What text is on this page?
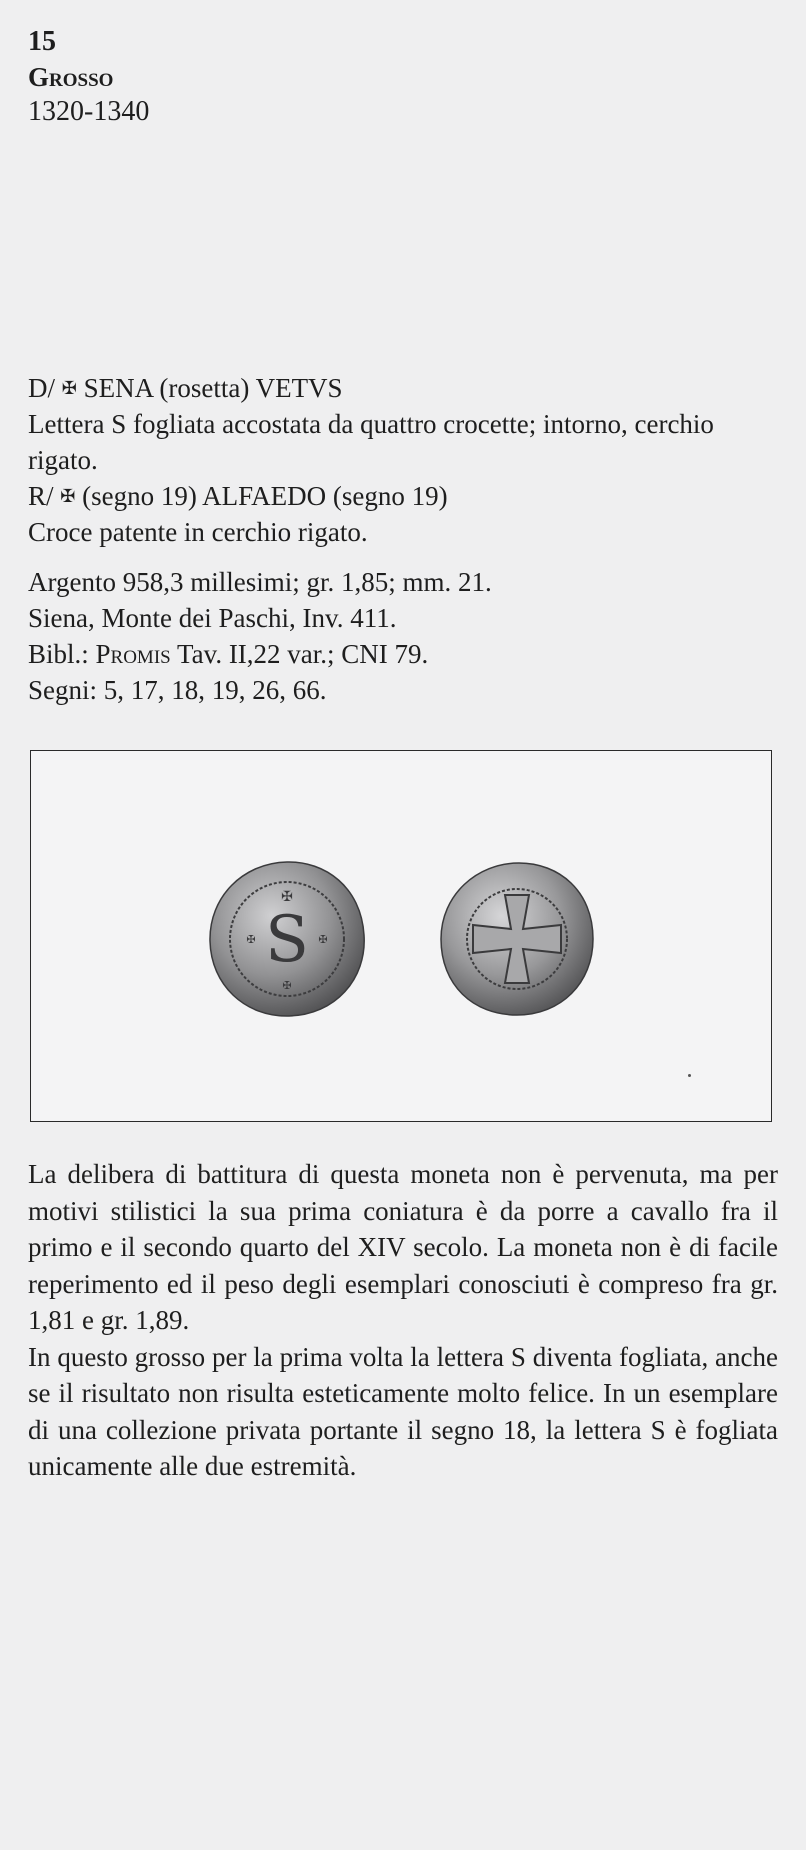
15
Grosso
1320-1340

D/ ✠ SENA (rosetta) VETVS

Lettera S fogliata accostata da quattro crocette; intorno, cerchio rigato.

R/ ✠ (segno 19) ALFAEDO (segno 19)

Croce patente in cerchio rigato.

Argento 958,3 millesimi; gr. 1,85; mm. 21.
Siena, Monte dei Paschi, Inv. 411.
Bibl.: Promis Tav. II,22 var.; CNI 79.
Segni: 5, 17, 18, 19, 26, 66.
S
✠
✠	✠
✠

La delibera di battitura di questa moneta non è pervenuta, ma per motivi stilistici la sua prima coniatura è da porre a cavallo fra il primo e il secondo quarto del XIV secolo. La moneta non è di facile reperimento ed il peso degli esemplari conosciuti è compreso fra gr. 1,81 e gr. 1,89.

In questo grosso per la prima volta la lettera S diventa fogliata, anche se il risultato non risulta esteticamente molto felice. In un esemplare di una collezione privata portante il segno 18, la lettera S è fogliata unicamente alle due estremità.
